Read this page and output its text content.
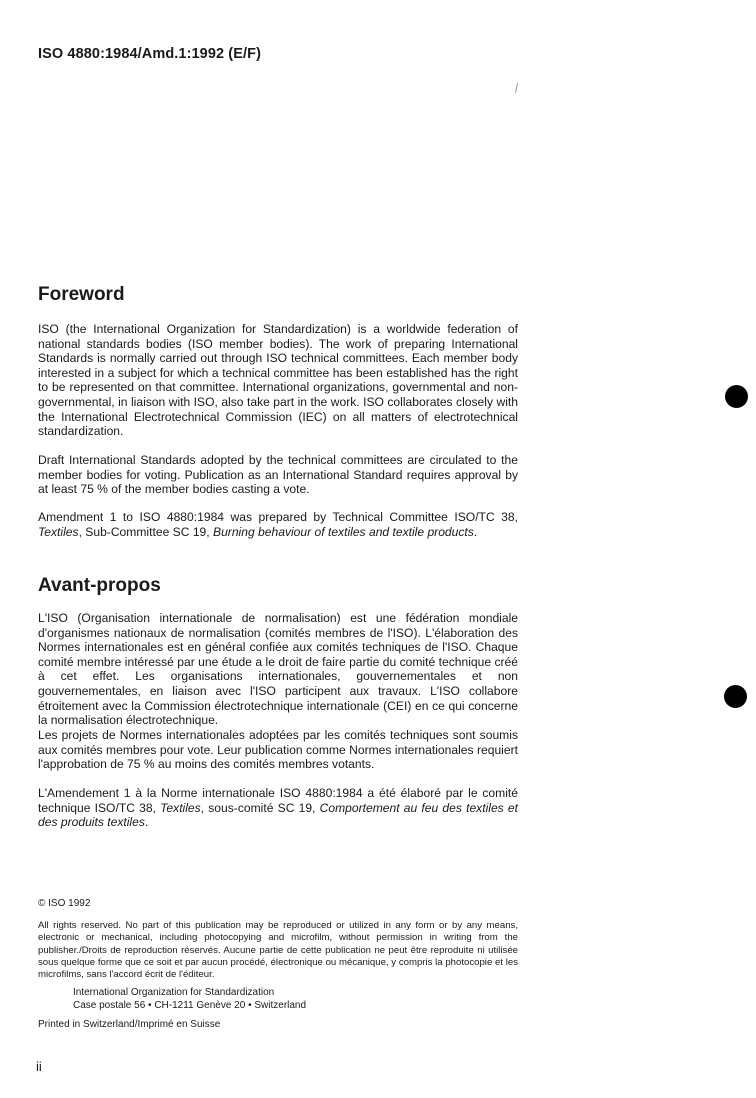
ISO 4880:1984/Amd.1:1992 (E/F)
Foreword

ISO (the International Organization for Standardization) is a worldwide federation of national standards bodies (ISO member bodies). The work of preparing International Standards is normally carried out through ISO technical committees. Each member body interested in a subject for which a technical committee has been established has the right to be represented on that committee. International organizations, governmental and non-governmental, in liaison with ISO, also take part in the work. ISO collaborates closely with the International Electrotechnical Commission (IEC) on all matters of electrotechnical standardization.

Draft International Standards adopted by the technical committees are circulated to the member bodies for voting. Publication as an International Standard requires approval by at least 75 % of the member bodies casting a vote.

Amendment 1 to ISO 4880:1984 was prepared by Technical Committee ISO/TC 38, Textiles, Sub-Committee SC 19, Burning behaviour of textiles and textile products.

Avant-propos

L'ISO (Organisation internationale de normalisation) est une fédération mondiale d'organismes nationaux de normalisation (comités membres de l'ISO). L'élaboration des Normes internationales est en général confiée aux comités techniques de l'ISO. Chaque comité membre intéressé par une étude a le droit de faire partie du comité technique créé à cet effet. Les organisations internationales, gouvernementales et non gouvernementales, en liaison avec l'ISO participent aux travaux. L'ISO collabore étroitement avec la Commission électrotechnique internationale (CEI) en ce qui concerne la normalisation électrotechnique.

Les projets de Normes internationales adoptées par les comités techniques sont soumis aux comités membres pour vote. Leur publication comme Normes internationales requiert l'approbation de 75 % au moins des comités membres votants.

L'Amendement 1 à la Norme internationale ISO 4880:1984 a été élaboré par le comité technique ISO/TC 38, Textiles, sous-comité SC 19, Comportement au feu des textiles et des produits textiles.

© ISO 1992

All rights reserved. No part of this publication may be reproduced or utilized in any form or by any means, electronic or mechanical, including photocopying and microfilm, without permission in writing from the publisher./Droits de reproduction réservés. Aucune partie de cette publication ne peut être reproduite ni utilisée sous quelque forme que ce soit et par aucun procédé, électronique ou mécanique, y compris la photocopie et les microfilms, sans l'accord écrit de l'éditeur.

International Organization for Standardization
Case postale 56 • CH-1211 Genève 20 • Switzerland
Printed in Switzerland/Imprimé en Suisse
ii
